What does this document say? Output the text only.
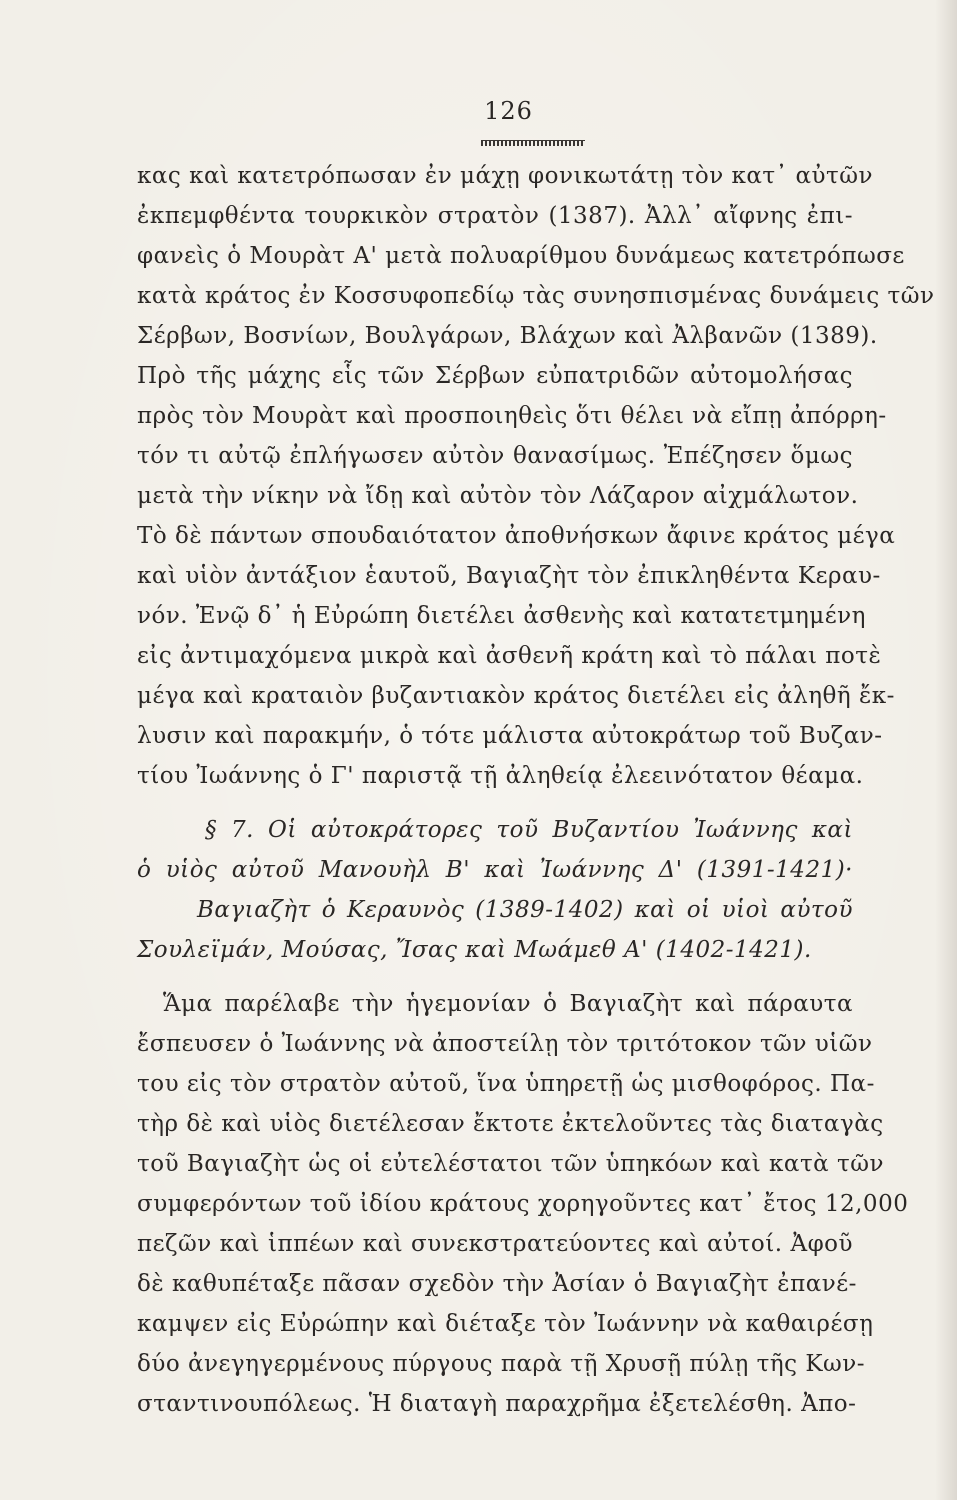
126
κας καὶ κατετρόπωσαν ἐν μάχῃ φονικωτάτῃ τὸν κατ᾽ αὐτῶν
ἐκπεμφθέντα τουρκικὸν στρατὸν (1387). Ἀλλ᾽ αἴφνης ἐπι-
φανεὶς ὁ Μουρὰτ Α' μετὰ πολυαρίθμου δυνάμεως κατετρόπωσε
κατὰ κράτος ἐν Κοσσυφοπεδίῳ τὰς συνησπισμένας δυνάμεις τῶν
Σέρβων, Βοσνίων, Βουλγάρων, Βλάχων καὶ Ἀλβανῶν (1389).
Πρὸ τῆς μάχης εἷς τῶν Σέρβων εὐπατριδῶν αὐτομολήσας
πρὸς τὸν Μουρὰτ καὶ προσποιηθεὶς ὅτι θέλει νὰ εἴπῃ ἀπόρρη-
τόν τι αὐτῷ ἐπλήγωσεν αὐτὸν θανασίμως. Ἐπέζησεν ὅμως
μετὰ τὴν νίκην νὰ ἴδῃ καὶ αὐτὸν τὸν Λάζαρον αἰχμάλωτον.
Τὸ δὲ πάντων σπουδαιότατον ἀποθνήσκων ἄφινε κράτος μέγα
καὶ υἱὸν ἀντάξιον ἑαυτοῦ, Βαγιαζὴτ τὸν ἐπικληθέντα Κεραυ-
νόν. Ἐνῷ δ᾽ ἡ Εὐρώπη διετέλει ἀσθενὴς καὶ κατατετμημένη
εἰς ἀντιμαχόμενα μικρὰ καὶ ἀσθενῆ κράτη καὶ τὸ πάλαι ποτὲ
μέγα καὶ κραταιὸν βυζαντιακὸν κράτος διετέλει εἰς ἀληθῆ ἔκ-
λυσιν καὶ παρακμήν, ὁ τότε μάλιστα αὐτοκράτωρ τοῦ Βυζαν-
τίου Ἰωάννης ὁ Γ' παριστᾷ τῇ ἀληθείᾳ ἐλεεινότατον θέαμα.
§ 7. Οἱ αὐτοκράτορες τοῦ Βυζαντίου Ἰωάννης καὶ
ὁ υἱὸς αὐτοῦ Μανουὴλ Β' καὶ Ἰωάννης Δ' (1391-1421)·
Βαγιαζὴτ ὁ Κεραυνὸς (1389-1402) καὶ οἱ υἱοὶ αὐτοῦ
Σουλεϊμάν, Μούσας, Ἴσας καὶ Μωάμεθ Α' (1402-1421).
Ἅμα παρέλαβε τὴν ἡγεμονίαν ὁ Βαγιαζὴτ καὶ πάραυτα
ἔσπευσεν ὁ Ἰωάννης νὰ ἀποστείλῃ τὸν τριτότοκον τῶν υἱῶν
του εἰς τὸν στρατὸν αὐτοῦ, ἵνα ὑπηρετῇ ὡς μισθοφόρος. Πα-
τὴρ δὲ καὶ υἱὸς διετέλεσαν ἔκτοτε ἐκτελοῦντες τὰς διαταγὰς
τοῦ Βαγιαζὴτ ὡς οἱ εὐτελέστατοι τῶν ὑπηκόων καὶ κατὰ τῶν
συμφερόντων τοῦ ἰδίου κράτους χορηγοῦντες κατ᾽ ἔτος 12,000
πεζῶν καὶ ἱππέων καὶ συνεκστρατεύοντες καὶ αὐτοί. Ἀφοῦ
δὲ καθυπέταξε πᾶσαν σχεδὸν τὴν Ἀσίαν ὁ Βαγιαζὴτ ἐπανέ-
καμψεν εἰς Εὐρώπην καὶ διέταξε τὸν Ἰωάννην νὰ καθαιρέσῃ
δύο ἀνεγηγερμένους πύργους παρὰ τῇ Χρυσῇ πύλῃ τῆς Κων-
σταντινουπόλεως. Ἡ διαταγὴ παραχρῆμα ἐξετελέσθη. Ἀπο-
